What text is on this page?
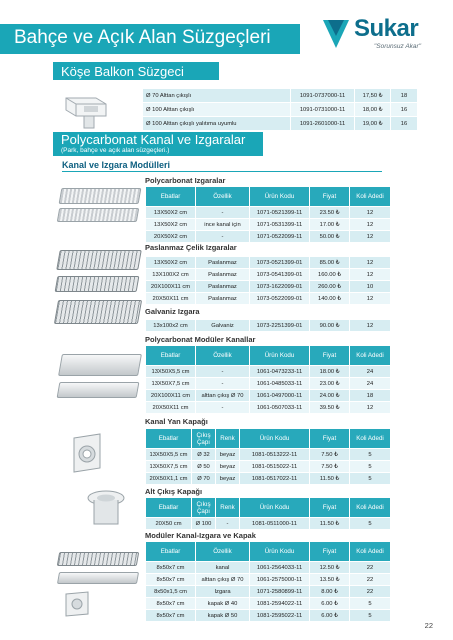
Bahçe ve Açık Alan Süzgeçleri	Sukar
"Sorunsuz Akar"
Köşe Balkon Süzgeci
Ø 70 Alttan çıkışlı	1091-0737000-11	17,50 ₺	18
Ø 100 Alttan çıkışlı	1091-0731000-11	18,00 ₺	16
Ø 100 Alttan çıkışlı yalıtıma uyumlu	1091-2601000-11	19,00 ₺	16
Polycarbonat Kanal ve Izgaralar
(Park, bahçe ve açık alan süzgeçleri.)
Kanal ve Izgara Modülleri
Polycarbonat Izgaralar
Ebatlar	Özellik	Ürün Kodu	Fiyat	Koli Adedi
13X50X2 cm	-	1071-0521399-11	23.50 ₺	12
13X50X2 cm	ince kanal için	1071-0531399-11	17.00 ₺	12
20X50X2 cm	-	1071-0522099-11	50.00 ₺	12
Paslanmaz Çelik Izgaralar
13X50X2 cm	Paslanmaz	1073-0521399-01	85.00 ₺	12
13X100X2 cm	Paslanmaz	1073-0541399-01	160.00 ₺	12
20X100X11 cm	Paslanmaz	1073-1622099-01	260.00 ₺	10
20X50X11 cm	Paslanmaz	1073-0522099-01	140.00 ₺	12
Galvaniz Izgara
13x100x2 cm	Galvaniz	1073-2251399-01	90.00 ₺	12
Polycarbonat Modüler Kanallar
Ebatlar	Özellik	Ürün Kodu	Fiyat	Koli Adedi
13X50X5,5 cm	-	1061-0473233-11	18.00 ₺	24
13X50X7,5 cm	-	1061-0485033-11	23.00 ₺	24
20X100X11 cm	alttan çıkış Ø 70	1061-0497000-11	24.00 ₺	18
20X50X11 cm	-	1061-0507033-11	39.50 ₺	12
Kanal Yan Kapağı
Ebatlar	Çıkış Çapı	Renk	Ürün Kodu	Fiyat	Koli Adedi
13X50X5,5 cm	Ø 32	beyaz	1081-0513222-11	7.50 ₺	5
13X50X7,5 cm	Ø 50	beyaz	1081-0515022-11	7.50 ₺	5
20X50X1,1 cm	Ø 70	beyaz	1081-0517022-11	11.50 ₺	5
Alt Çıkış Kapağı
Ebatlar	Çıkış Çapı	Renk	Ürün Kodu	Fiyat	Koli Adedi
20X50 cm	Ø 100	-	1081-0511000-11	11.50 ₺	5
Modüler Kanal-Izgara ve Kapak
Ebatlar	Özellik	Ürün Kodu	Fiyat	Koli Adedi
8x50x7 cm	kanal	1061-2564033-11	12.50 ₺	22
8x50x7 cm	alttan çıkış Ø 70	1061-2575000-11	13.50 ₺	22
8x50x1,5 cm	Izgara	1071-2580899-11	8.00 ₺	22
8x50x7 cm	kapak Ø 40	1081-2594022-11	6.00 ₺	5
8x50x7 cm	kapak Ø 50	1081-2595022-11	6.00 ₺	5
22
